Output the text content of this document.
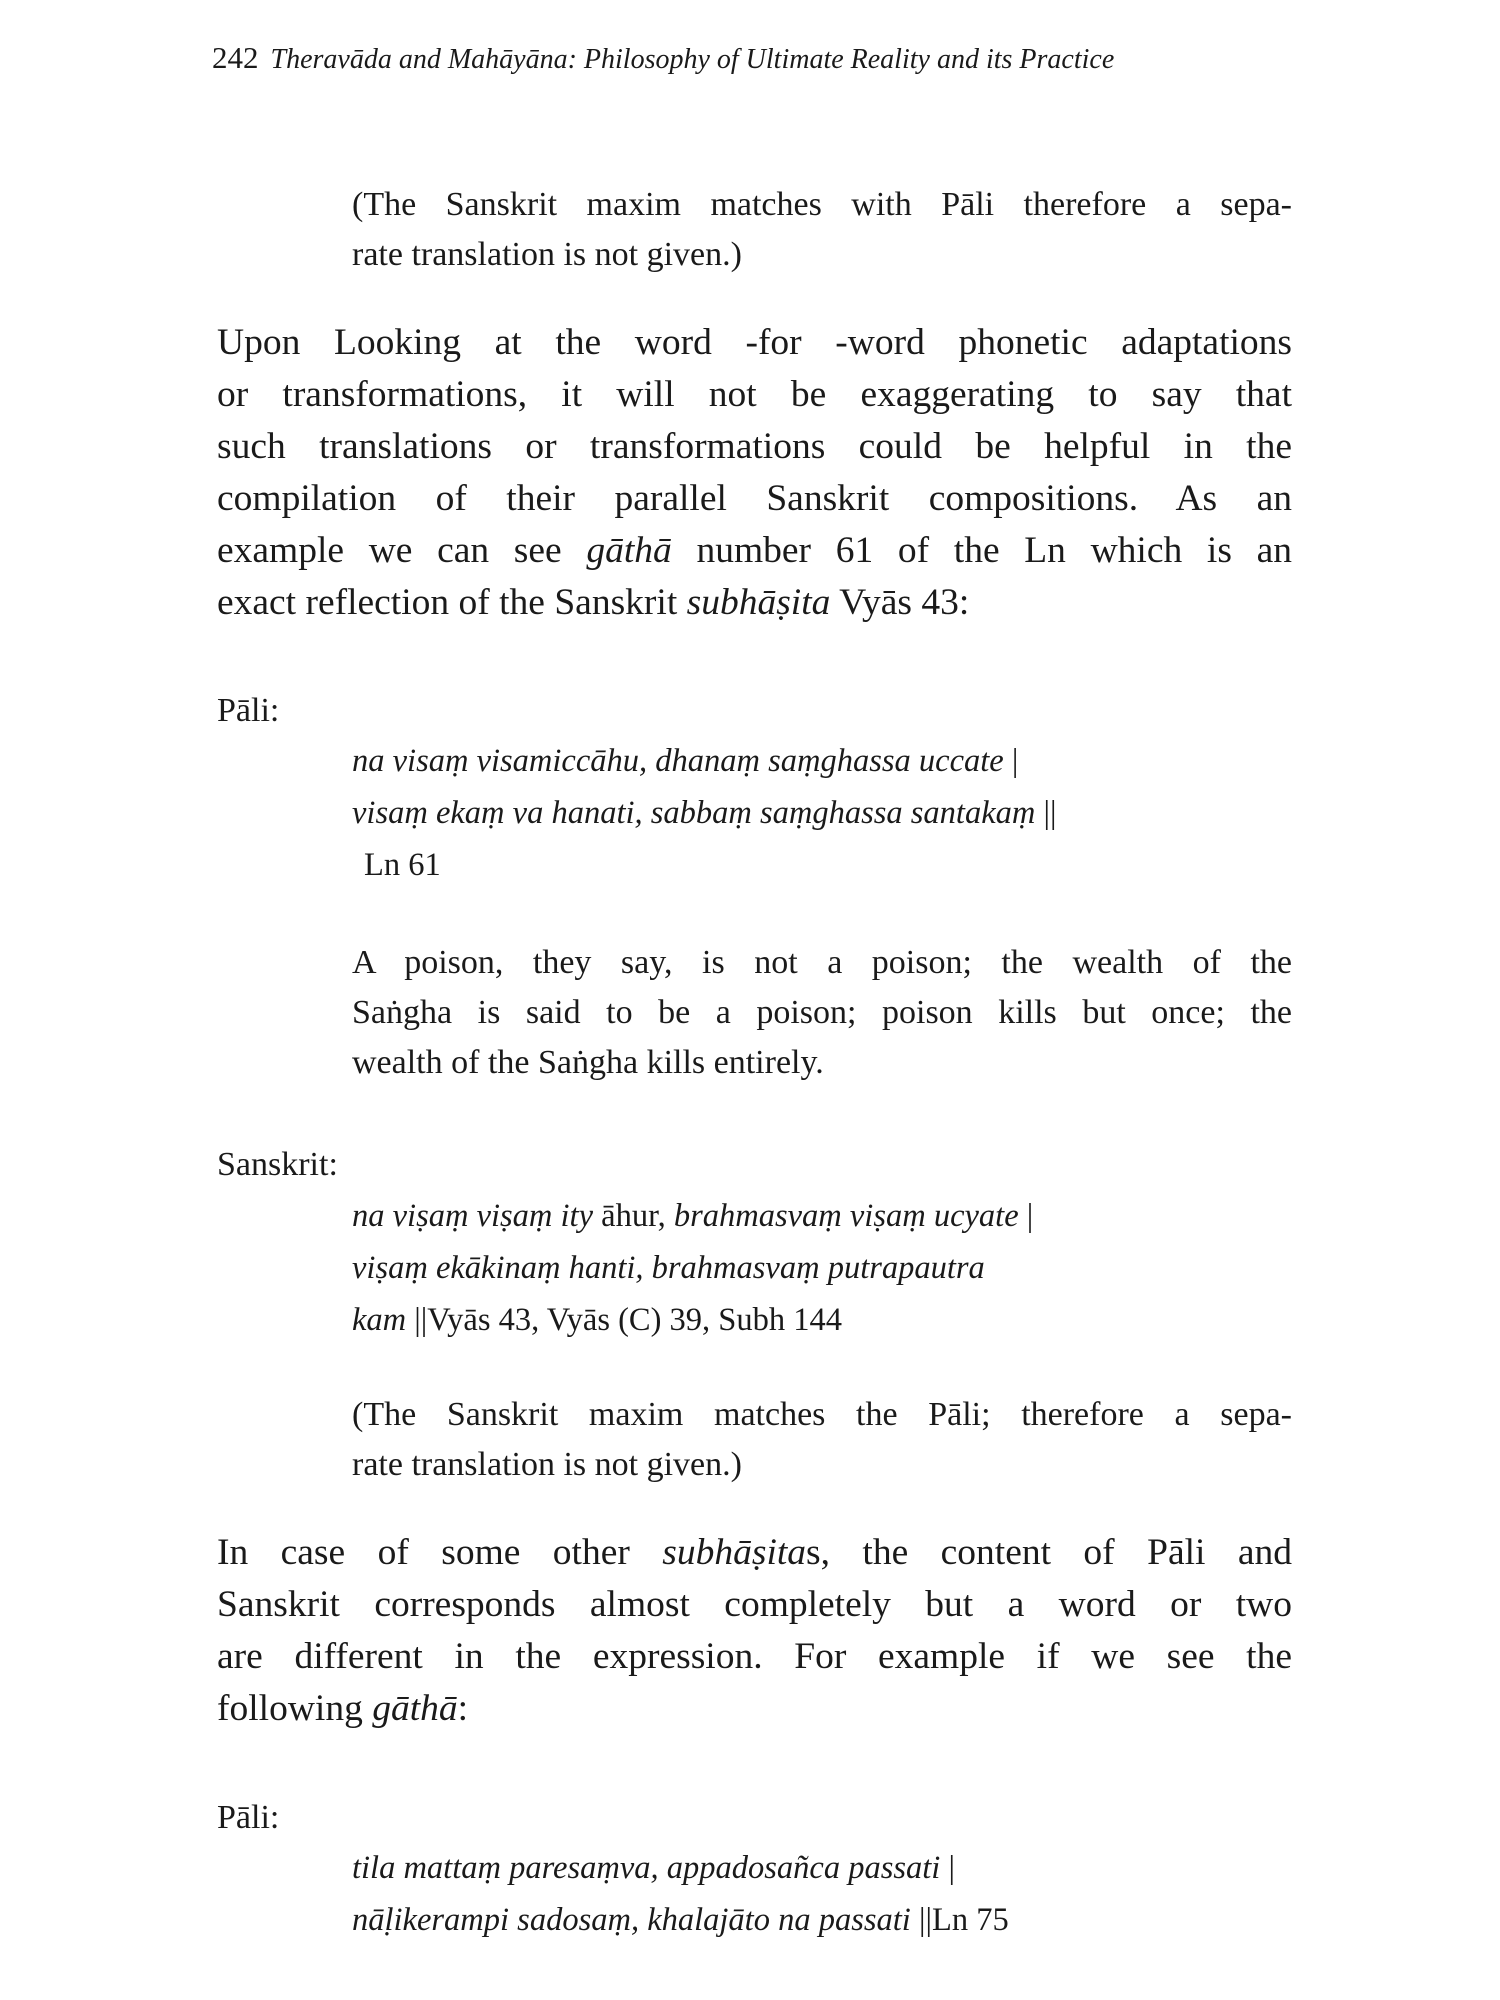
242 Theravāda and Mahāyāna: Philosophy of Ultimate Reality and its Practice
(The Sanskrit maxim matches with Pāli therefore a sepa-
rate translation is not given.)
Upon Looking at the word -for -word phonetic adaptations
or transformations, it will not be exaggerating to say that
such translations or transformations could be helpful in the
compilation of their parallel Sanskrit compositions. As an
example we can see gāthā number 61 of the Ln which is an
exact reflection of the Sanskrit subhāṣita Vyās 43:
Pāli:
na visaṃ visamiccāhu, dhanaṃ saṃghassa uccate |
visaṃ ekaṃ va hanati, sabbaṃ saṃghassa santakaṃ ||
Ln 61
A poison, they say, is not a poison; the wealth of the
Saṅgha is said to be a poison; poison kills but once; the
wealth of the Saṅgha kills entirely.
Sanskrit:
na viṣaṃ viṣaṃ ity āhur, brahmasvaṃ viṣaṃ ucyate |
viṣaṃ ekākinaṃ hanti, brahmasvaṃ putrapautra
kam ||Vyās 43, Vyās (C) 39, Subh 144
(The Sanskrit maxim matches the Pāli; therefore a sepa-
rate translation is not given.)
In case of some other subhāṣitas, the content of Pāli and
Sanskrit corresponds almost completely but a word or two
are different in the expression. For example if we see the
following gāthā:
Pāli:
tila mattaṃ paresaṃva, appadosañca passati |
nāḷikerampi sadosaṃ, khalajāto na passati ||Ln 75
